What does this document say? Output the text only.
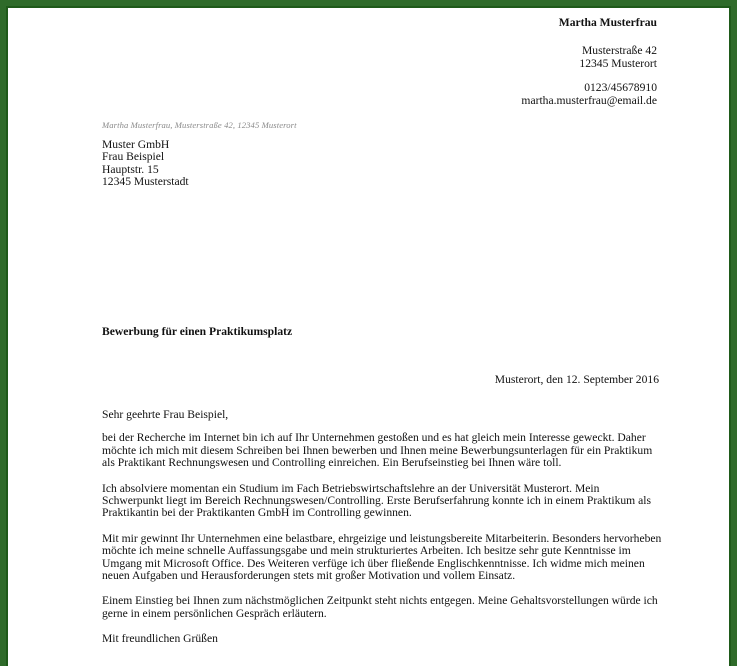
Martha Musterfrau
Musterstraße 42
12345 Musterort
0123/45678910
martha.musterfrau@email.de
Martha Musterfrau, Musterstraße 42, 12345 Musterort
Muster GmbH
Frau Beispiel
Hauptstr. 15
12345 Musterstadt
Bewerbung für einen Praktikumsplatz
Musterort, den 12. September 2016

Sehr geehrte Frau Beispiel,

bei der Recherche im Internet bin ich auf Ihr Unternehmen gestoßen und es hat gleich mein Interesse geweckt. Daher möchte ich mich mit diesem Schreiben bei Ihnen bewerben und Ihnen meine Bewerbungsunterlagen für ein Praktikum als Praktikant Rechnungswesen und Controlling einreichen. Ein Berufseinstieg bei Ihnen wäre toll.

Ich absolviere momentan ein Studium im Fach Betriebswirtschaftslehre an der Universität Musterort. Mein Schwerpunkt liegt im Bereich Rechnungswesen/Controlling. Erste Berufserfahrung konnte ich in einem Praktikum als Praktikantin bei der Praktikanten GmbH im Controlling gewinnen.

Mit mir gewinnt Ihr Unternehmen eine belastbare, ehrgeizige und leistungsbereite Mitarbeiterin. Besonders hervorheben möchte ich meine schnelle Auffassungsgabe und mein strukturiertes Arbeiten. Ich besitze sehr gute Kenntnisse im Umgang mit Microsoft Office. Des Weiteren verfüge ich über fließende Englischkenntnisse. Ich widme mich meinen neuen Aufgaben und Herausforderungen stets mit großer Motivation und vollem Einsatz.

Einem Einstieg bei Ihnen zum nächstmöglichen Zeitpunkt steht nichts entgegen. Meine Gehaltsvorstellungen würde ich gerne in einem persönlichen Gespräch erläutern.

Mit freundlichen Grüßen
